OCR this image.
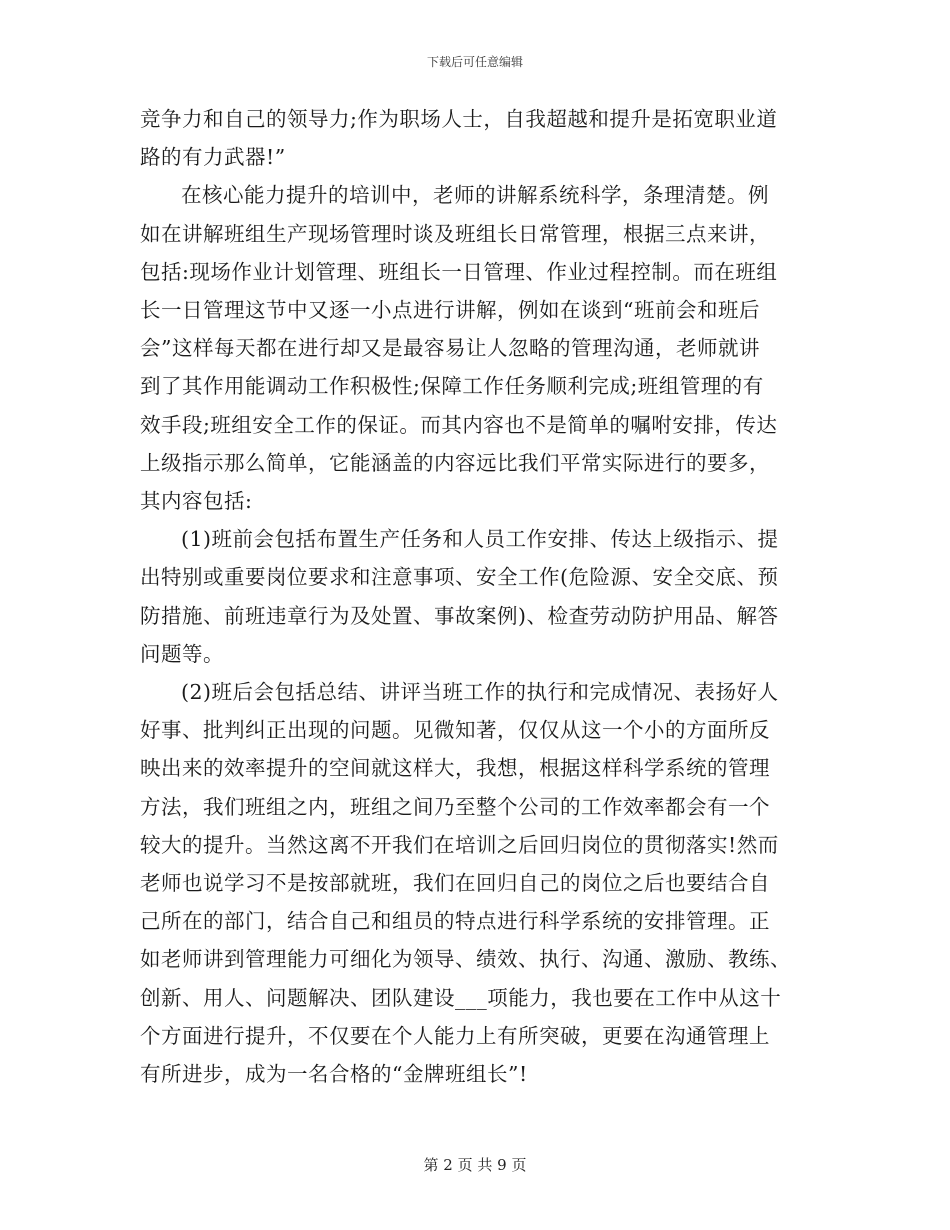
下载后可任意编辑

竞争力和自己的领导力;作为职场人士，自我超越和提升是拓宽职业道
路的有力武器!”

在核心能力提升的培训中，老师的讲解系统科学，条理清楚。例
如在讲解班组生产现场管理时谈及班组长日常管理，根据三点来讲，
包括:现场作业计划管理、班组长一日管理、作业过程控制。而在班组
长一日管理这节中又逐一小点进行讲解，例如在谈到“班前会和班后
会”这样每天都在进行却又是最容易让人忽略的管理沟通，老师就讲
到了其作用能调动工作积极性;保障工作任务顺利完成;班组管理的有
效手段;班组安全工作的保证。而其内容也不是简单的嘱咐安排，传达
上级指示那么简单，它能涵盖的内容远比我们平常实际进行的要多，
其内容包括:

(1)班前会包括布置生产任务和人员工作安排、传达上级指示、提
出特别或重要岗位要求和注意事项、安全工作(危险源、安全交底、预
防措施、前班违章行为及处置、事故案例)、检查劳动防护用品、解答
问题等。

(2)班后会包括总结、讲评当班工作的执行和完成情况、表扬好人
好事、批判纠正出现的问题。见微知著，仅仅从这一个小的方面所反
映出来的效率提升的空间就这样大，我想，根据这样科学系统的管理
方法，我们班组之内，班组之间乃至整个公司的工作效率都会有一个
较大的提升。当然这离不开我们在培训之后回归岗位的贯彻落实!然而
老师也说学习不是按部就班，我们在回归自己的岗位之后也要结合自
己所在的部门，结合自己和组员的特点进行科学系统的安排管理。正
如老师讲到管理能力可细化为领导、绩效、执行、沟通、激励、教练、
创新、用人、问题解决、团队建设___项能力，我也要在工作中从这十
个方面进行提升，不仅要在个人能力上有所突破，更要在沟通管理上
有所进步，成为一名合格的“金牌班组长”!

第 2 页 共 9 页
